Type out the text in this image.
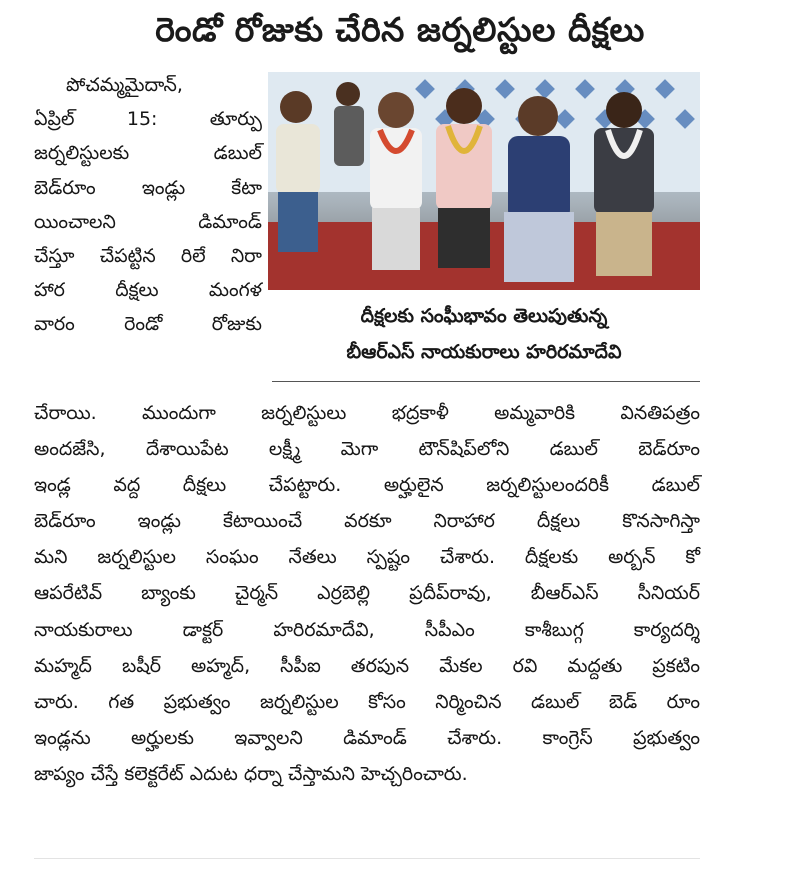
రెండో రోజుకు చేరిన జర్నలిస్టుల దీక్షలు
పోచమ్మమైదాన్,
ఏప్రిల్ 15: తూర్పు
జర్నలిస్టులకు డబుల్
బెడ్‌రూం ఇండ్లు కేటా
యించాలని డిమాండ్
చేస్తూ చేపట్టిన రిలే నిరా
హార దీక్షలు మంగళ
వారం రెండో రోజుకు	దీక్షలకు సంఘీభావం తెలుపుతున్న
బీఆర్‌ఎస్ నాయకురాలు హరిరమాదేవి
చేరాయి. ముందుగా జర్నలిస్టులు భద్రకాళీ అమ్మవారికి వినతిపత్రం
అందజేసి, దేశాయిపేట లక్ష్మీ మెగా టౌన్‌షిప్‌లోని డబుల్ బెడ్‌రూం
ఇండ్ల వద్ద దీక్షలు చేపట్టారు. అర్హులైన జర్నలిస్టులందరికీ డబుల్
బెడ్‌రూం ఇండ్లు కేటాయించే వరకూ నిరాహార దీక్షలు కొనసాగిస్తా
మని జర్నలిస్టుల సంఘం నేతలు స్పష్టం చేశారు. దీక్షలకు అర్బన్ కో
ఆపరేటివ్ బ్యాంకు చైర్మన్ ఎర్రబెల్లి ప్రదీప్‌రావు, బీఆర్‌ఎస్ సీనియర్
నాయకురాలు డాక్టర్ హరిరమాదేవి, సీపీఎం కాశీబుగ్గ కార్యదర్శి
మహ్మద్ బషీర్ అహ్మద్, సీపీఐ తరపున మేకల రవి మద్దతు ప్రకటిం
చారు. గత ప్రభుత్వం జర్నలిస్టుల కోసం నిర్మించిన డబుల్ బెడ్ రూం
ఇండ్లను అర్హులకు ఇవ్వాలని డిమాండ్ చేశారు. కాంగ్రెస్ ప్రభుత్వం
జాప్యం చేస్తే కలెక్టరేట్ ఎదుట ధర్నా చేస్తామని హెచ్చరించారు.
